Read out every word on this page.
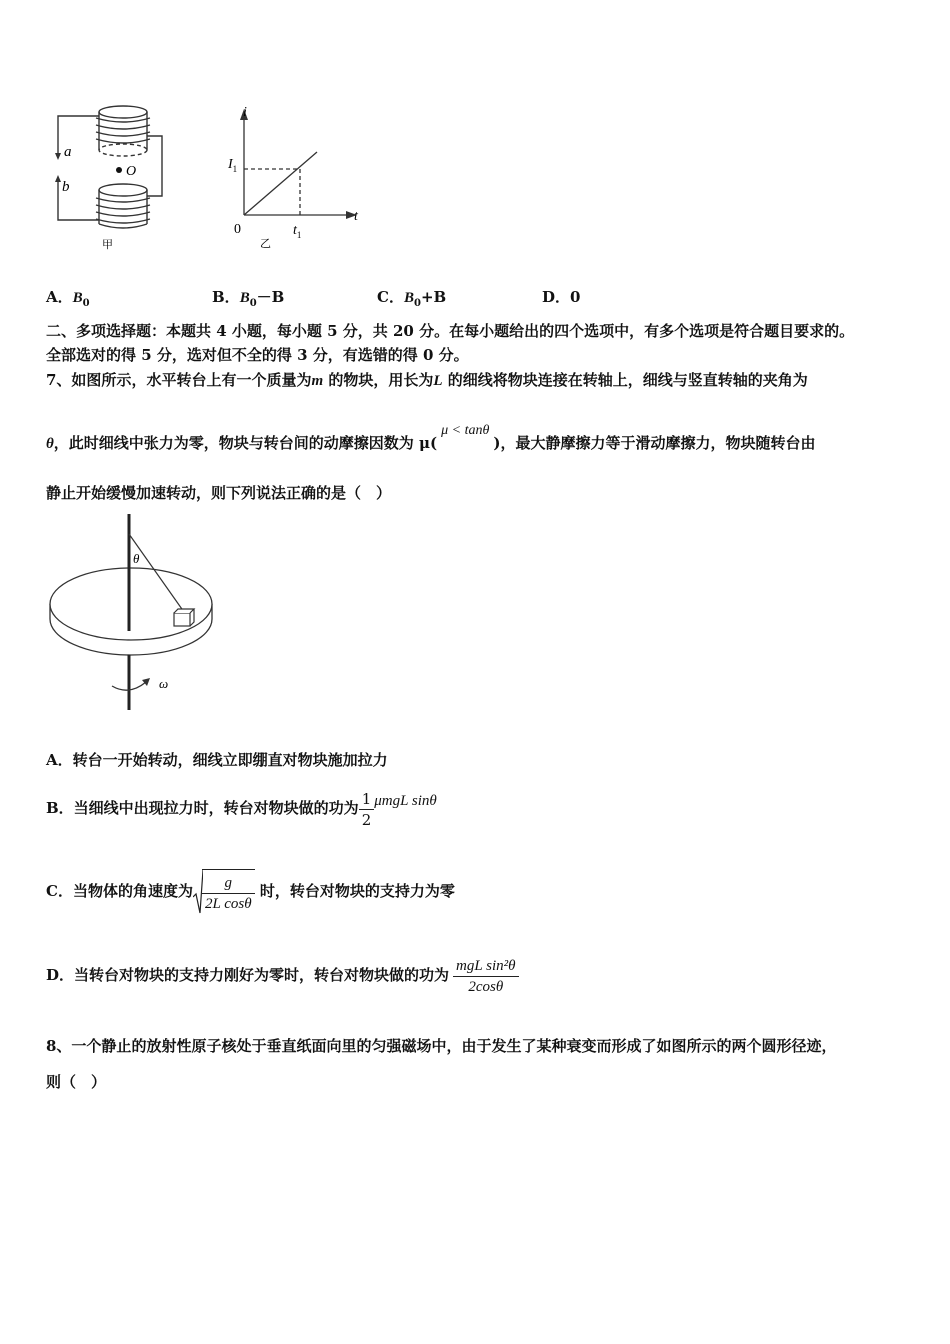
a
b
O
甲
i
t
0
$I_1$
$t_1$
乙
A．$B_0$	B．$B_0-B$	C．$B_0+B$	D．0
二、多项选择题：本题共 4 小题，每小题 5 分，共 20 分。在每小题给出的四个选项中，有多个选项是符合题目要求的。
全部选对的得 5 分，选对但不全的得 3 分，有选错的得 0 分。
7、如图所示，水平转台上有一个质量为m 的物块，用长为L 的细线将物块连接在转轴上，细线与竖直转轴的夹角为
θ，此时细线中张力为零，物块与转台间的动摩擦因数为 μ(μ < tanθ)，最大静摩擦力等于滑动摩擦力，物块随转台由
静止开始缓慢加速转动，则下列说法正确的是（　）
θ
ω
A．转台一开始转动，细线立即绷直对物块施加拉力
B．当细线中出现拉力时，转台对物块做的功为 $\frac{1}{2}$ μmgL sinθ
C．当物体的角速度为 $\frac{g}{\text{2L cosθ}}$ 时，转台对物块的支持力为零
D．当转台对物块的支持力刚好为零时，转台对物块做的功为 $\frac{\text{mgL sin²θ}}{2\cos\theta}$
8、一个静止的放射性原子核处于垂直纸面向里的匀强磁场中，由于发生了某种衰变而形成了如图所示的两个圆形径迹，
则（　）
